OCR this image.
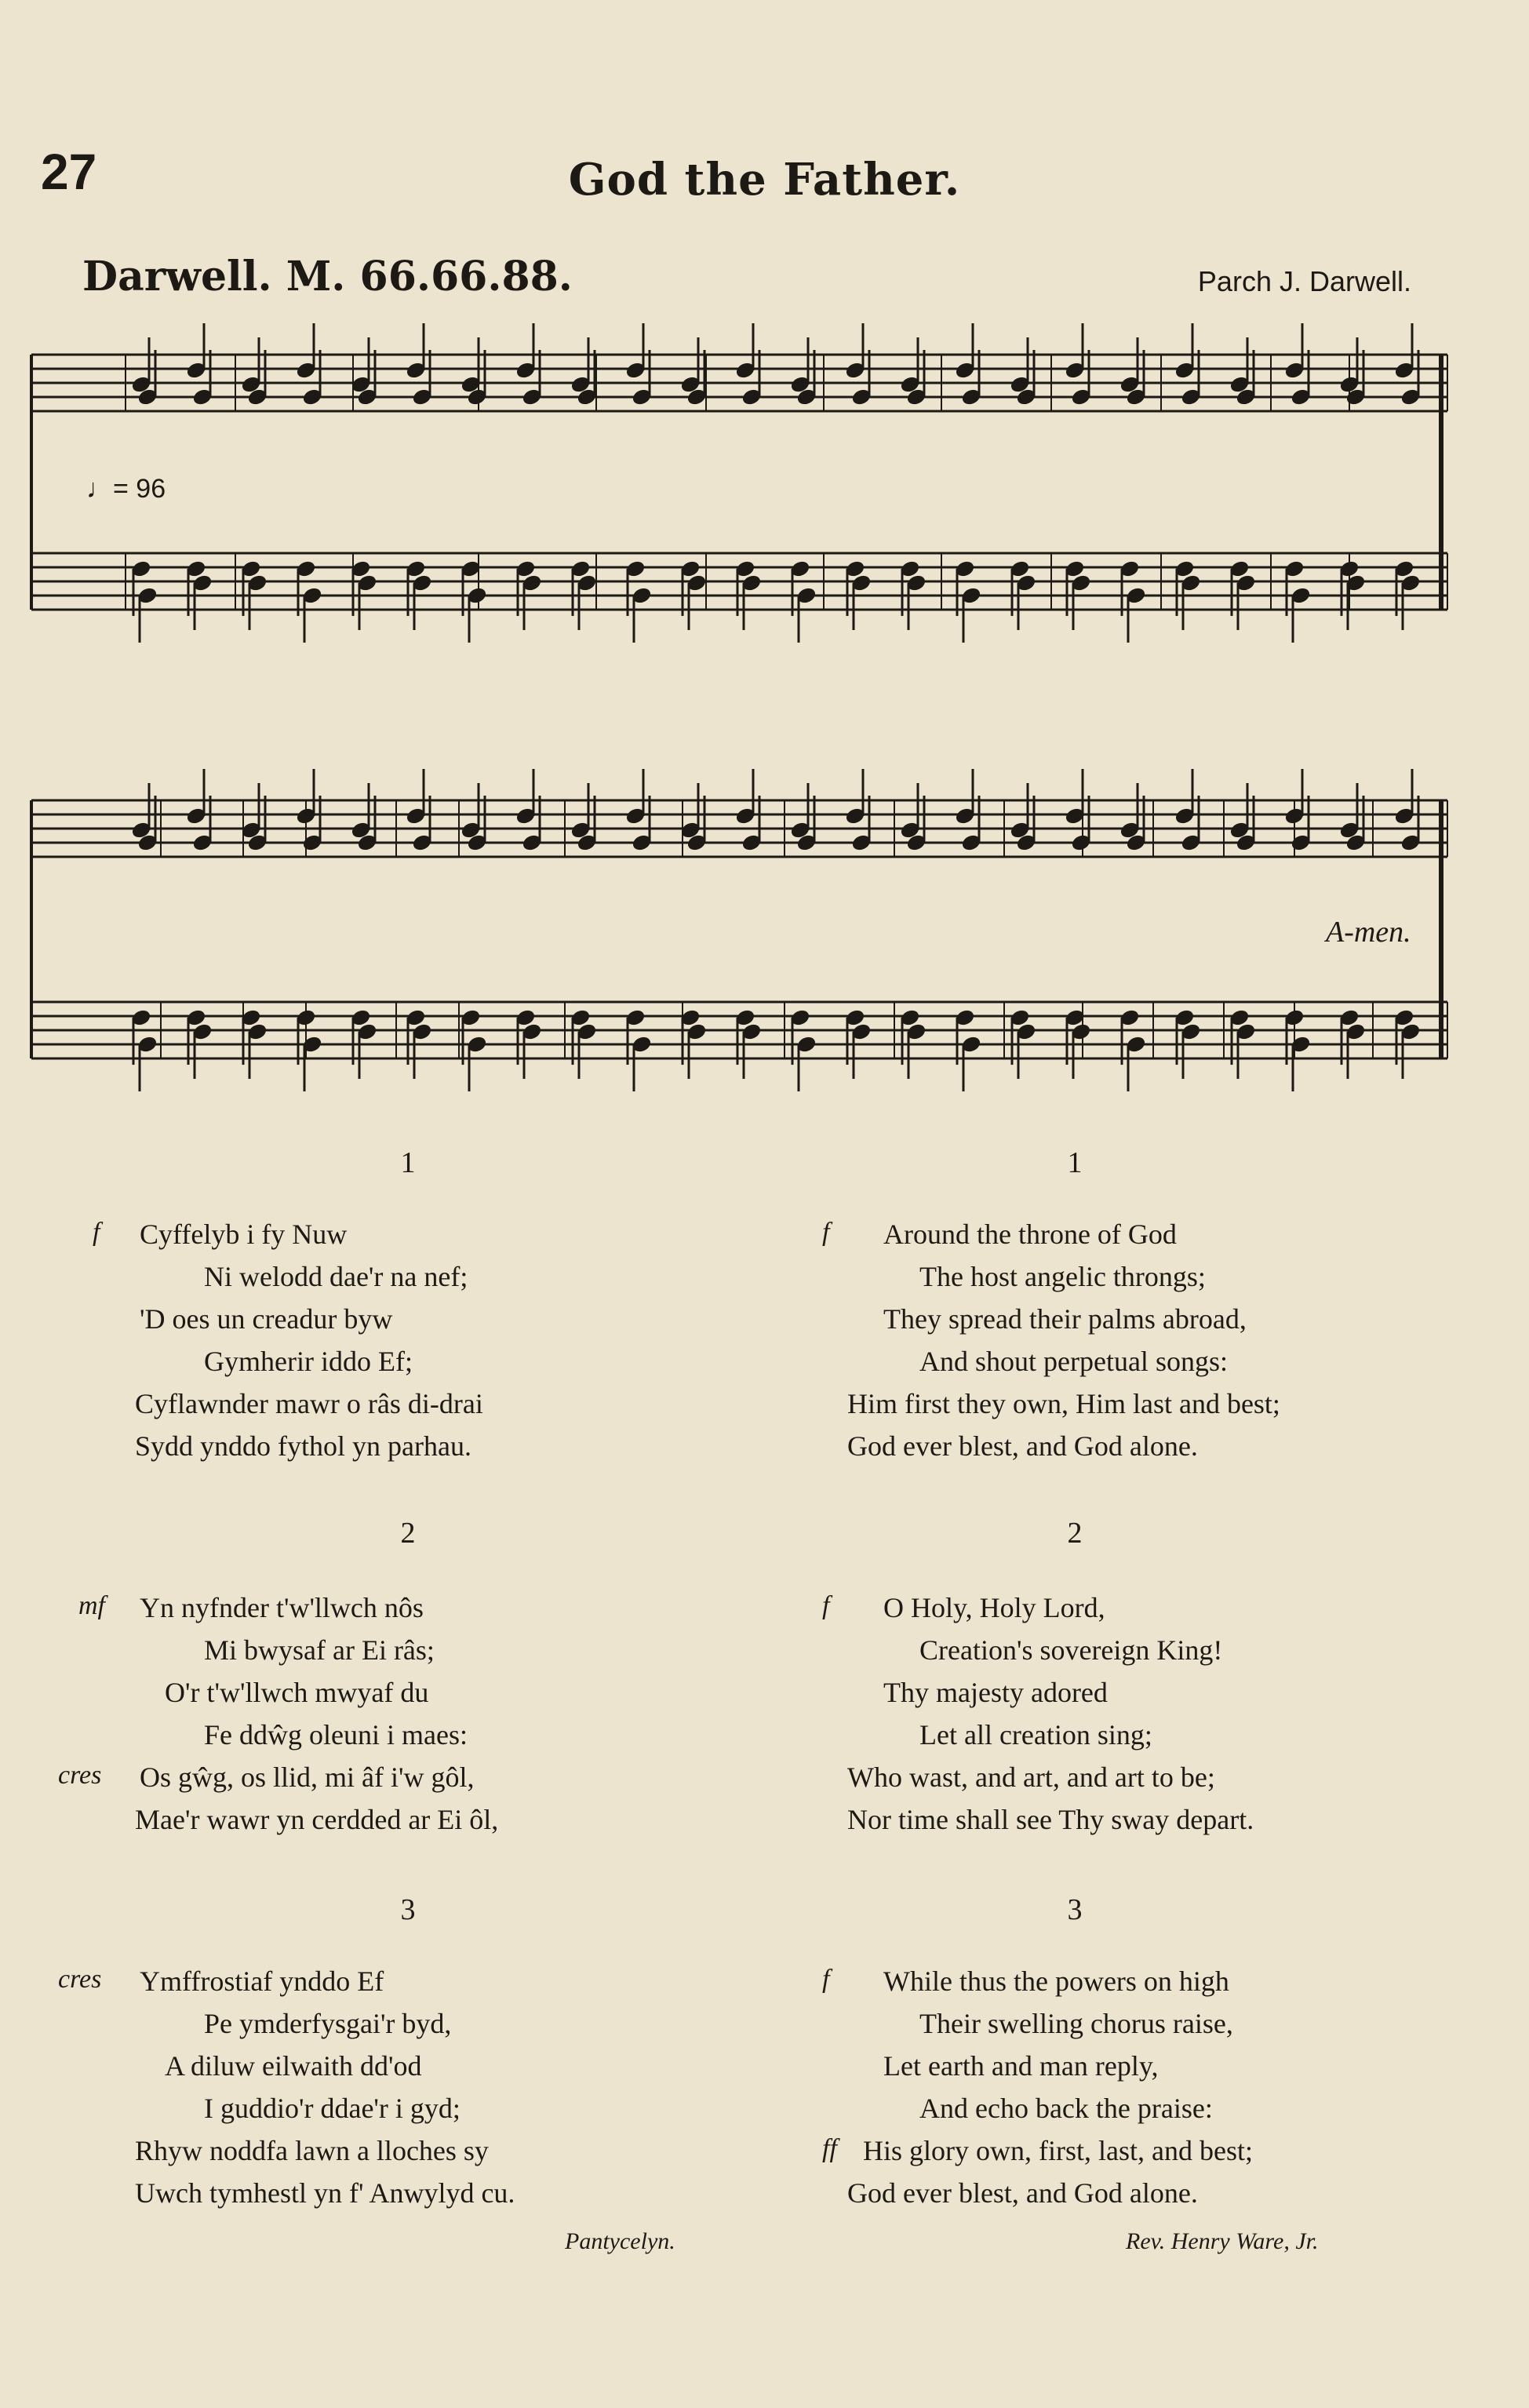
27	God the Father.
Darwell. M. 66.66.88.	Parch J. Darwell.
♩= 96
A-men.
1
f Cyffelyb i fy Nuw
Ni welodd dae'r na nef;
'D oes un creadur byw
Gymherir iddo Ef;
Cyflawnder mawr o râs di-drai
Sydd ynddo fythol yn parhau.
2
mf Yn nyfnder t'w'llwch nôs
Mi bwysaf ar Ei râs;
O'r t'w'llwch mwyaf du
Fe ddŵg oleuni i maes:
cres Os gŵg, os llid, mi âf i'w gôl,
Mae'r wawr yn cerdded ar Ei ôl,
3
cres Ymffrostiaf ynddo Ef
Pe ymderfysgai'r byd,
A diluw eilwaith dd'od
I guddio'r ddae'r i gyd;
Rhyw noddfa lawn a lloches sy
Uwch tymhestl yn f' Anwylyd cu.
Pantycelyn.
1
f Around the throne of God
The host angelic throngs;
They spread their palms abroad,
And shout perpetual songs:
Him first they own, Him last and best;
God ever blest, and God alone.
2
f O Holy, Holy Lord,
Creation's sovereign King!
Thy majesty adored
Let all creation sing;
Who wast, and art, and art to be;
Nor time shall see Thy sway depart.
3
f While thus the powers on high
Their swelling chorus raise,
Let earth and man reply,
And echo back the praise:
ff His glory own, first, last, and best;
God ever blest, and God alone.
Rev. Henry Ware, Jr.
